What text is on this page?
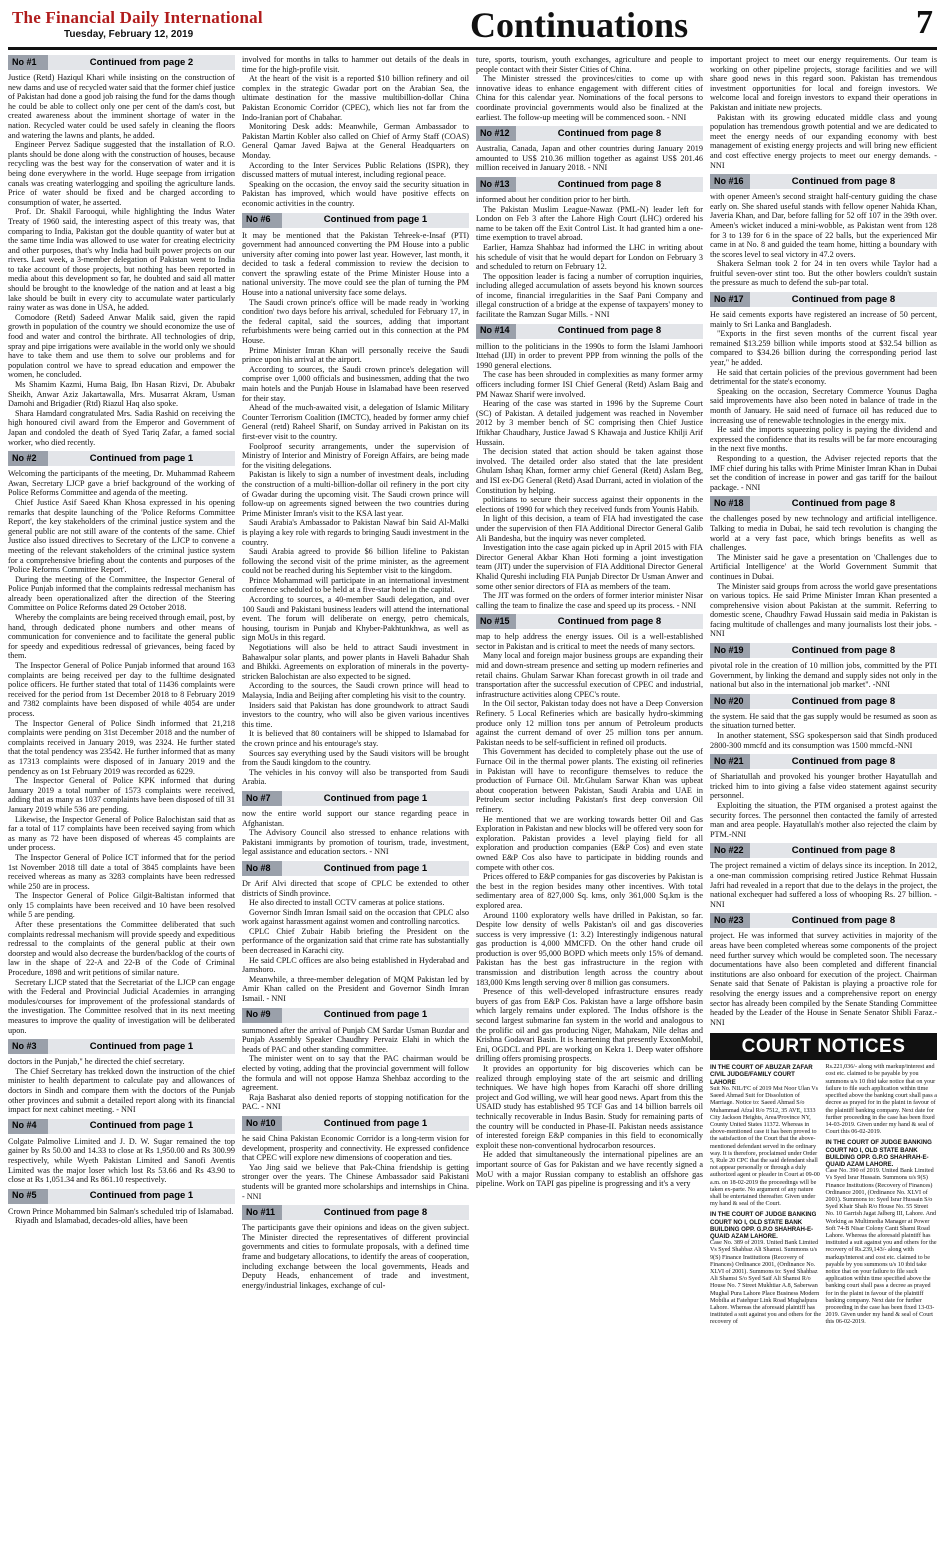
The Financial Daily International
Tuesday, February 12, 2019	Continuations	7
No #1	Continued from page 2

Justice (Retd) Haziqul Khari while insisting on the construction of new dams and use of recycled water said that the former chief justice of Pakistan had done a good job raising the fund for the dams though he could be able to collect only one per cent of the dam's cost, but created awareness about the imminent shortage of water in the nation. Recycled water could be used safely in cleaning the floors and watering the lawns and plants, he added.

Engineer Pervez Sadique suggested that the installation of R.O. plants should be done along with the construction of houses, because recycling was the best way for the conservation of water and it is being done everywhere in the world. Huge seepage from irrigation canals was creating waterlogging and spoiling the agriculture lands. Price of water should be fixed and be charged according to consumption of water, he asserted.

Prof. Dr. Shakil Farooqui, while highlighting the Indus Water Treaty of 1960 said, the interesting aspect of this treaty was, that comparing to India, Pakistan got the double quantity of water but at the same time India was allowed to use water for creating electricity and other purposes, that's why India had built power projects on our rivers. Last week, a 3-member delegation of Pakistan went to India to take account of those projects, but nothing has been reported in media about this development so far, he doubted and said all matter should be brought to the knowledge of the nation and at least a big lake should be built in every city to accumulate water particularly rainy water as was done in USA, he added.

Comodore (Retd) Sadeed Anwar Malik said, given the rapid growth in population of the country we should economize the use of food and water and control the birthrate. All technologies of drip, spray and pipe irrigations were available in the world only we should have to take them and use them to solve our problems and for population control we have to spread education and empower the women, he concluded.

Ms Shamim Kazmi, Huma Baig, Ibn Hasan Rizvi, Dr. Abubakr Sheikh, Anwar Aziz Jakartawalla, Mrs. Musarrat Akram, Usman Damohi and Brigadier (Rtd) Riazul Haq also spoke.

Shara Hamdard congratulated Mrs. Sadia Rashid on receiving the high honoured civil award from the Emperor and Government of Japan and condoled the death of Syed Tariq Zafar, a famed social worker, who died recently.

No #2	Continued from page 1

Welcoming the participants of the meeting, Dr. Muhammad Raheem Awan, Secretary LJCP gave a brief background of the working of Police Reforms Committee and agenda of the meeting.

Chief Justice Asif Saeed Khan Khosa expressed in his opening remarks that despite launching of the 'Police Reforms Committee Report', the key stakeholders of the criminal justice system and the general public are not still aware of the contents of the same. Chief Justice also issued directives to Secretary of the LJCP to convene a meeting of the relevant stakeholders of the criminal justice system for a comprehensive briefing about the contents and purposes of the 'Police Reforms Committee Report'.

During the meeting of the Committee, the Inspector General of Police Punjab informed that the complaints redressal mechanism has already been operationalized after the direction of the Steering Committee on Police Reforms dated 29 October 2018.

Whereby the complaints are being received through email, post, by hand, through dedicated phone numbers and other means of communication for convenience and to facilitate the general public for speedy and expeditious redressal of grievances, being faced by them.

The Inspector General of Police Punjab informed that around 163 complaints are being received per day to the fulltime designated police officers. He further stated that total of 11436 complaints were received for the period from 1st December 2018 to 8 February 2019 and 7382 complaints have been disposed of while 4054 are under process.

The Inspector General of Police Sindh informed that 21,218 complaints were pending on 31st December 2018 and the number of complaints received in January 2019, was 2324. He further stated that the total pendency was 23542. He further informed that as many as 17313 complaints were disposed of in January 2019 and the pendency as on 1st February 2019 was recorded as 6229.

The Inspector General of Police KPK informed that during January 2019 a total number of 1573 complaints were received, adding that as many as 1037 complaints have been disposed of till 31 January 2019 while 536 are pending.

Likewise, the Inspector General of Police Balochistan said that as far a total of 117 complaints have been received saying from which as many as 72 have been disposed of whereas 45 complaints are under process.

The Inspector General of Police ICT informed that for the period 1st November 2018 till date a total of 3845 complaints have been received whereas as many as 3283 complaints have been redressed while 250 are in process.

The Inspector General of Police Gilgit-Baltistan informed that only 15 complaints have been received and 10 have been resolved while 5 are pending.

After these presentations the Committee deliberated that such complaints redressal mechanism will provide speedy and expeditious redressal to the complaints of the general public at their own doorstep and would also decrease the burden/backlog of the courts of law in the shape of 22-A and 22-B of the Code of Criminal Procedure, 1898 and writ petitions of similar nature.

Secretary LJCP stated that the Secretariat of the LJCP can engage with the Federal and Provincial Judicial Academies in arranging modules/courses for improvement of the professional standards of the investigation. The Committee resolved that in its next meeting measures to improve the quality of investigation will be deliberated upon.

No #3	Continued from page 1

doctors in the Punjab," he directed the chief secretary.

The Chief Secretary has trekked down the instruction of the chief minister to health department to calculate pay and allowances of doctors in Sindh and compare them with the doctors of the Punjab other provinces and submit a detailed report along with its financial impact for next cabinet meeting. - NNI

No #4	Continued from page 1

Colgate Palmolive Limited and J. D. W. Sugar remained the top gainer by Rs 50.00 and 14.33 to close at Rs 1,950.00 and Rs 300.99 respectively, while Wyeth Pakistan Limited and Sanofi Aventis Limited was the major loser which lost Rs 53.66 and Rs 43.90 to close at Rs 1,051.34 and Rs 861.10 respectively.

No #5	Continued from page 1

Crown Prince Mohammed bin Salman's scheduled trip of Islamabad.

Riyadh and Islamabad, decades-old allies, have been

involved for months in talks to hammer out details of the deals in time for the high-profile visit.

At the heart of the visit is a reported $10 billion refinery and oil complex in the strategic Gwadar port on the Arabian Sea, the ultimate destination for the massive multibillion-dollar China Pakistan Economic Corridor (CPEC), which lies not far from the Indo-Iranian port of Chabahar.

Monitoring Desk adds: Meanwhile, German Ambassador to Pakistan Martin Kobler also called on Chief of Army Staff (COAS) General Qamar Javed Bajwa at the General Headquarters on Monday.

According to the Inter Services Public Relations (ISPR), they discussed matters of mutual interest, including regional peace.

Speaking on the occasion, the envoy said the security situation in Pakistan has improved, which would have positive effects on economic activities in the country.

No #6	Continued from page 1

It may be mentioned that the Pakistan Tehreek-e-Insaf (PTI) government had announced converting the PM House into a public university after coming into power last year. However, last month, it decided to task a federal commission to review the decision to convert the sprawling estate of the Prime Minister House into a national university. The move could see the plan of turning the PM House into a national university face some delays.

The Saudi crown prince's office will be made ready in 'working condition' two days before his arrival, scheduled for February 17, in the federal capital, said the sources, adding that important refurbishments were being carried out in this connection at the PM House.

Prime Minister Imran Khan will personally receive the Saudi prince upon his arrival at the airport.

According to sources, the Saudi crown prince's delegation will comprise over 1,000 officials and businessmen, adding that the two main hotels and the Punjab House in Islamabad have been reserved for their stay.

Ahead of the much-awaited visit, a delegation of Islamic Military Counter Terrorism Coalition (IMCTC), headed by former army chief General (retd) Raheel Sharif, on Sunday arrived in Pakistan on its first-ever visit to the country.

Foolproof security arrangements, under the supervision of Ministry of Interior and Ministry of Foreign Affairs, are being made for the visiting delegations.

Pakistan is likely to sign a number of investment deals, including the construction of a multi-billion-dollar oil refinery in the port city of Gwadar during the upcoming visit. The Saudi crown prince will follow-up on agreements signed between the two countries during Prime Minister Imran's visit to the KSA last year.

Saudi Arabia's Ambassador to Pakistan Nawaf bin Said Al-Malki is playing a key role with regards to bringing Saudi investment in the country.

Saudi Arabia agreed to provide $6 billion lifeline to Pakistan following the second visit of the prime minister, as the agreement could not be reached during his September visit to the kingdom.

Prince Mohammad will participate in an international investment conference scheduled to be held at a five-star hotel in the capital.

According to sources, a 40-member Saudi delegation, and over 100 Saudi and Pakistani business leaders will attend the international event. The forum will deliberate on energy, petro chemicals, housing, tourism in Punjab and Khyber-Pakhtunkhwa, as well as sign MoUs in this regard.

Negotiations will also be held to attract Saudi investment in Bahawalpur solar plants, and power plants in Haveli Bahadur Shah and Bhikki. Agreements on exploration of minerals in the poverty-stricken Balochistan are also expected to be signed.

According to the sources, the Saudi crown prince will head to Malaysia, India and Beijing after completing his visit to the country.

Insiders said that Pakistan has done groundwork to attract Saudi investors to the country, who will also be given various incentives this time.

It is believed that 80 containers will be shipped to Islamabad for the crown prince and his entourage's stay.

Sources say everything used by the Saudi visitors will be brought from the Saudi kingdom to the country.

The vehicles in his convoy will also be transported from Saudi Arabia.

No #7	Continued from page 1

now the entire world support our stance regarding peace in Afghanistan.

The Advisory Council also stressed to enhance relations with Pakistani immigrants by promotion of tourism, trade, investment, legal assistance and education sectors. - NNI

No #8	Continued from page 1

Dr Arif Alvi directed that scope of CPLC be extended to other districts of Sindh province.

He also directed to install CCTV cameras at police stations.

Governor Sindh Imran Ismail said on the occasion that CPLC also work against harassment against women and controlling narcotics.

CPLC Chief Zubair Habib briefing the President on the performance of the organization said that crime rate has substantially been decreased in Karachi city.

He said CPLC offices are also being established in Hyderabad and Jamshoro.

Meanwhile, a three-member delegation of MQM Pakistan led by Amir Khan called on the President and Governor Sindh Imran Ismail. - NNI

No #9	Continued from page 1

summoned after the arrival of Punjab CM Sardar Usman Buzdar and Punjab Assembly Speaker Chaudhry Pervaiz Elahi in which the heads of PAC and other standing committee.

The minister went on to say that the PAC chairman would be elected by voting, adding that the provincial government will follow the formula and will not oppose Hamza Shehbaz according to the agreement.

Raja Basharat also denied reports of stopping notification for the PAC. - NNI

No #10	Continued from page 1

he said China Pakistan Economic Corridor is a long-term vision for development, prosperity and connectivity. He expressed confidence that CPEC will explore new dimensions of cooperation and ties.

Yao Jing said we believe that Pak-China friendship is getting stronger over the years. The Chinese Ambassador said Pakistani students will be granted more scholarships and internships in China. - NNI

No #11	Continued from page 8

The participants gave their opinions and ideas on the given subject. The Minister directed the representatives of different provincial governments and cities to formulate proposals, with a defined time frame and budgetary allocations, to identify the areas of cooperation, including exchange between the local governments, Heads and Deputy Heads, enhancement of trade and investment, energy/industrial linkages, exchange of cul-

ture, sports, tourism, youth exchanges, agriculture and people to people contact with their Sister Cities of China.

The Minister stressed the provinces/cities to come up with innovative ideas to enhance engagement with different cities of China for this calendar year. Nominations of the focal persons to coordinate provincial governments would also be finalized at the earliest. The follow-up meeting will be commenced soon. - NNI

No #12	Continued from page 8

Australia, Canada, Japan and other countries during January 2019 amounted to US$ 210.36 million together as against US$ 201.46 million received in January 2018. - NNI

No #13	Continued from page 8

informed about her condition prior to her birth.

The Pakistan Muslim League-Nawaz (PML-N) leader left for London on Feb 3 after the Lahore High Court (LHC) ordered his name to be taken off the Exit Control List. It had granted him a one-time exemption to travel abroad.

Earlier, Hamza Shahbaz had informed the LHC in writing about his schedule of visit that he would depart for London on February 3 and scheduled to return on February 12.

The opposition leader is facing a number of corruption inquiries, including alleged accumulation of assets beyond his known sources of income, financial irregularities in the Saaf Pani Company and illegal construction of a bridge at the expense of taxpayers' money to facilitate the Ramzan Sugar Mills. - NNI

No #14	Continued from page 8

million to the politicians in the 1990s to form the Islami Jamhoori Ittehad (IJI) in order to prevent PPP from winning the polls of the 1990 general elections.

The case has been shrouded in complexities as many former army officers including former ISI Chief General (Retd) Aslam Baig and PM Nawaz Sharif were involved.

Hearing of the case was started in 1996 by the Supreme Court (SC) of Pakistan. A detailed judgement was reached in November 2012 by 3 member bench of SC comprising then Chief Justice Iftikhar Chaudhary, Justice Jawad S Khawaja and Justice Khilji Arif Hussain.

The decision stated that action should be taken against those involved. The detailed order also stated that the late president Ghulam Ishaq Khan, former army chief General (Retd) Aslam Beg, and ISI ex-DG General (Retd) Asad Durrani, acted in violation of the Constitution by helping.

politicians to secure their success against their opponents in the elections of 1990 for which they received funds from Younis Habib.

In light of this decision, a team of FIA had investigated the case under the supervision of then FIA Additional Director General Galib Ali Bandesha, but the inquiry was never completed.

Investigation into the case again picked up in April 2015 with FIA Director General Akbar Khan Hoti forming a joint investigation team (JIT) under the supervision of FIA Additional Director General Khalid Qureshi including FIA Punjab Director Dr Usman Anwer and some other senior directors of FIA as members of the team.

The JIT was formed on the orders of former interior minister Nisar calling the team to finalize the case and speed up its process. - NNI

No #15	Continued from page 8

map to help address the energy issues. Oil is a well-established sector in Pakistan and is critical to meet the needs of many sectors.

Many local and foreign major business groups are expanding their mid and down-stream presence and setting up modern refineries and retail chains. Ghulam Sarwar Khan forecast growth in oil trade and transportation after the successful execution of CPEC and industrial, infrastructure activities along CPEC's route.

In the Oil sector, Pakistan today does not have a Deep Conversion Refinery. 5 Local Refineries which are basically hydro-skimming produce only 12 million tons per annum of Petroleum products against the current demand of over 25 million tons per annum. Pakistan needs to be self-sufficient in refined oil products.

This Government has decided to completely phase out the use of Furnace Oil in the thermal power plants. The existing oil refineries in Pakistan will have to reconfigure themselves to reduce the production of Furnace Oil. Mr.Ghulam Sarwar Khan was upbeat about cooperation between Pakistan, Saudi Arabia and UAE in Petroleum sector including Pakistan's first deep conversion Oil refinery.

He mentioned that we are working towards better Oil and Gas Exploration in Pakistan and new blocks will be offered very soon for exploration. Pakistan provides a level playing field for all exploration and production companies (E&P Cos) and even state owned E&P Cos also have to participate in bidding rounds and compete with other cos.

Prices offered to E&P companies for gas discoveries by Pakistan is the best in the region besides many other incentives. With total sedimentary area of 827,000 Sq. kms, only 361,000 Sq.km is the explored area.

Around 1100 exploratory wells have drilled in Pakistan, so far. Despite low density of wells Pakistan's oil and gas discoveries success is very impressive (1: 3.2) Interestingly indigenous natural gas production is 4,000 MMCFD. On the other hand crude oil production is over 95,000 BOPD which meets only 15% of demand. Pakistan has the best gas infrastructure in the region with transmission and distribution length across the country about 183,000 Kms length serving over 8 million gas consumers.

Presence of this well-developed infrastructure ensures ready buyers of gas from E&P Cos. Pakistan have a large offshore basin which largely remains under explored. The Indus offshore is the second largest submarine fan system in the world and analogous to the prolific oil and gas producing Niger, Mahakam, Nile deltas and Krishna Godavari Basin. It is heartening that presently ExxonMobil, Eni, OGDCL and PPL are working on Kekra 1. Deep water offshore drilling offers promising prospects.

It provides an opportunity for big discoveries which can be realized through employing state of the art seismic and drilling techniques. We have high hopes from Karachi off shore drilling project and God willing, we will hear good news. Apart from this the USAID study has established 95 TCF Gas and 14 billion barrels oil technically recoverable in Indus Basin. Study for remaining parts of the country will be conducted in Phase-II. Pakistan needs assistance of interested foreign E&P companies in this field to economically exploit these non-conventional hydrocarbon resources.

He added that simultaneously the international pipelines are an important source of Gas for Pakistan and we have recently signed a MoU with a major Russian company to establish an offshore gas pipeline. Work on TAPI gas pipeline is progressing and it's a very

important project to meet our energy requirements. Our team is working on other pipeline projects, storage facilities and we will share good news in this regard soon. Pakistan has tremendous investment opportunities for local and foreign investors. We welcome local and foreign investors to expand their operations in Pakistan and initiate new projects.

Pakistan with its growing educated middle class and young population has tremendous growth potential and we are dedicated to meet the energy needs of our expanding economy with best management of existing energy projects and will bring new efficient and cost effective energy projects to meet our energy demands. - NNI

No #16	Continued from page 8

with opener Ameen's second straight half-century guiding the chase early on. She shared useful stands with fellow opener Nahida Khan, Javeria Khan, and Dar, before falling for 52 off 107 in the 39th over. Ameen's wicket induced a mini-wobble, as Pakistan went from 128 for 3 to 139 for 6 in the space of 22 balls, but the experienced Mir came in at No. 8 and guided the team home, hitting a boundary with the scores level to seal victory in 47.2 overs.

Shakera Selman took 2 for 24 in ten overs while Taylor had a fruitful seven-over stint too. But the other bowlers couldn't sustain the pressure as much to defend the sub-par total.

No #17	Continued from page 8

He said cements exports have registered an increase of 50 percent, mainly to Sri Lanka and Bangladesh.

"Exports in the first seven months of the current fiscal year remained $13.259 billion while imports stood at $32.54 billion as compared to $34.26 billion during the corresponding period last year," he added.

He said that certain policies of the previous government had been detrimental for the state's economy.

Speaking on the occasion, Secretary Commerce Younus Dagha said improvements have also been noted in balance of trade in the month of January. He said need of furnace oil has reduced due to increasing use of renewable technologies in the energy mix.

He said the imports squeezing policy is paying the dividend and expressed the confidence that its results will be far more encouraging in the next five months.

Responding to a question, the Adviser rejected reports that the IMF chief during his talks with Prime Minister Imran Khan in Dubai set the condition of increase in power and gas tariff for the bailout package. - NNI

No #18	Continued from page 8

the challenges posed by new technology and artificial intelligence. Talking to media in Dubai, he said tech revolution is changing the world at a very fast pace, which brings benefits as well as challenges.

The Minister said he gave a presentation on 'Challenges due to Artificial Intelligence' at the World Government Summit that continues in Dubai.

The Minister said groups from across the world gave presentations on various topics. He said Prime Minister Imran Khan presented a comprehensive vision about Pakistan at the summit. Referring to domestic scene, Chaudhry Fawad Hussain said media in Pakistan is facing multitude of challenges and many journalists lost their jobs. - NNI

No #19	Continued from page 8

pivotal role in the creation of 10 million jobs, committed by the PTI Government, by linking the demand and supply sides not only in the national but also in the international job market". -NNI

No #20	Continued from page 8

the system. He said that the gas supply would be resumed as soon as the situation turned better.

In another statement, SSG spokesperson said that Sindh produced 2800-300 mmcfd and its consumption was 1500 mmcfd.-NNI

No #21	Continued from page 8

of Shariatullah and provoked his younger brother Hayatullah and tricked him to into giving a false video statement against security personnel.

Exploiting the situation, the PTM organised a protest against the security forces. The personnel then contacted the family of arrested man and area people. Hayatullah's mother also rejected the claim by PTM.-NNI

No #22	Continued from page 8

The project remained a victim of delays since its inception. In 2012, a one-man commission comprising retired Justice Rehmat Hussain Jafri had revealed in a report that due to the delays in the project, the national exchequer had suffered a loss of whooping Rs. 27 billion. - NNI

No #23	Continued from page 8

project. He was informed that survey activities in majority of the areas have been completed whereas some components of the project need further survey which would be completed soon. The necessary documentations have also been completed and different financial institutions are also onboard for execution of the project. Chairman Senate said that Senate of Pakistan is playing a proactive role for resolving the energy issues and a comprehensive report on energy sector has already been compiled by the Senate Standing Committee headed by the Leader of the House in Senate Senator Shibli Faraz.-NNI

COURT NOTICES
IN THE COURT OF ABUZAR ZAFAR CIVIL JUDGE/FAMILY COURT LAHORE
Suit No. NIL/FC of 2019 Mst Noor Ulan Vs Saeed Ahmad Suit for Dissolution of Marriage. Notice to: Saeed Ahmad S/o Muhammad Afzal R/o 7512, 35 AVE, 1333 City Jackson Heights, Area/Province NY, County United States 11372. Whereas in above-mentioned case it has been proved to the satisfaction of the Court that the above-mentioned defendant served in the ordinary way. It is therefore, proclaimed under Order 5, Rule 20 CPC that the said defendant shall not appear personally or through a duly authorized agent or pleader in Court at 09-00 a.m. on 18-02-2019 the proceedings will be taken ex-parte. No argument of any nature shall be entertained thereafter. Given under my hand & seal of the Court.
IN THE COURT OF JUDGE BANKING COURT NO I, OLD STATE BANK BUILDING OPP. G.P.O SHAHRAH-E-QUAID AZAM LAHORE.
Case No. 389 of 2019. United Bank Limited Vs Syed Shahbaz Ali Shamsi. Summons u/s 9(S) Finance Institutions (Recovery of Finances) Ordinance 2001, (Ordinance No. XLVI of 2001). Summons to: Syed Shahbaz Ali Shamsi S/o Syed Saif Ali Shamsi R/o House No. 7 Street Mukhtiar A.8, Saberwan Mughal Pura Lahore Place Business Modern Mobilia at Fatehpur Link Road Mughalpura Lahore. Whereas the aforesaid plaintiff has instituted a suit against you and others for the recovery of
Rs.221,036/- along with markup/interest and cost etc. claimed to be payable by you summons u/s 10 ibid take notice that on your failure to file such application within time specified above the banking court shall pass a decree as prayed for in the plaint in favour of the plaintiff banking company. Next date for further proceeding in the case has been fixed 14-03-2019. Given under my hand & seal of Court this 06-02-2019.
IN THE COURT OF JUDGE BANKING COURT NO I, OLD STATE BANK BUILDING OPP. G.P.O SHAHRAH-E-QUAID AZAM LAHORE.
Case No. 390 of 2019. United Bank Limited Vs Syed Israr Hussain. Summons u/s 9(S) Finance Institutions (Recovery of Finances) Ordinance 2001, (Ordinance No. XLVI of 2001). Summons to: Syed Israr Hussain S/o Syed Khair Shah R/o House No. 55 Street No. 10 Garrish Jagat Jalberg III, Lahore. And Working as Multimedia Manager at Power Soft 74-B Nisar Colony Cantt Shami Road Lahore. Whereas the aforesaid plaintiff has instituted a suit against you and others for the recovery of Rs.239,143/- along with markup/interest and cost etc. claimed to be payable by you summons u/s 10 ibid take notice that on your failure to file such application within time specified above the banking court shall pass a decree as prayed for in the plaint in favour of the plaintiff banking company. Next date for further proceeding in the case has been fixed 13-03-2019. Given under my hand & seal of Court this 06-02-2019.
